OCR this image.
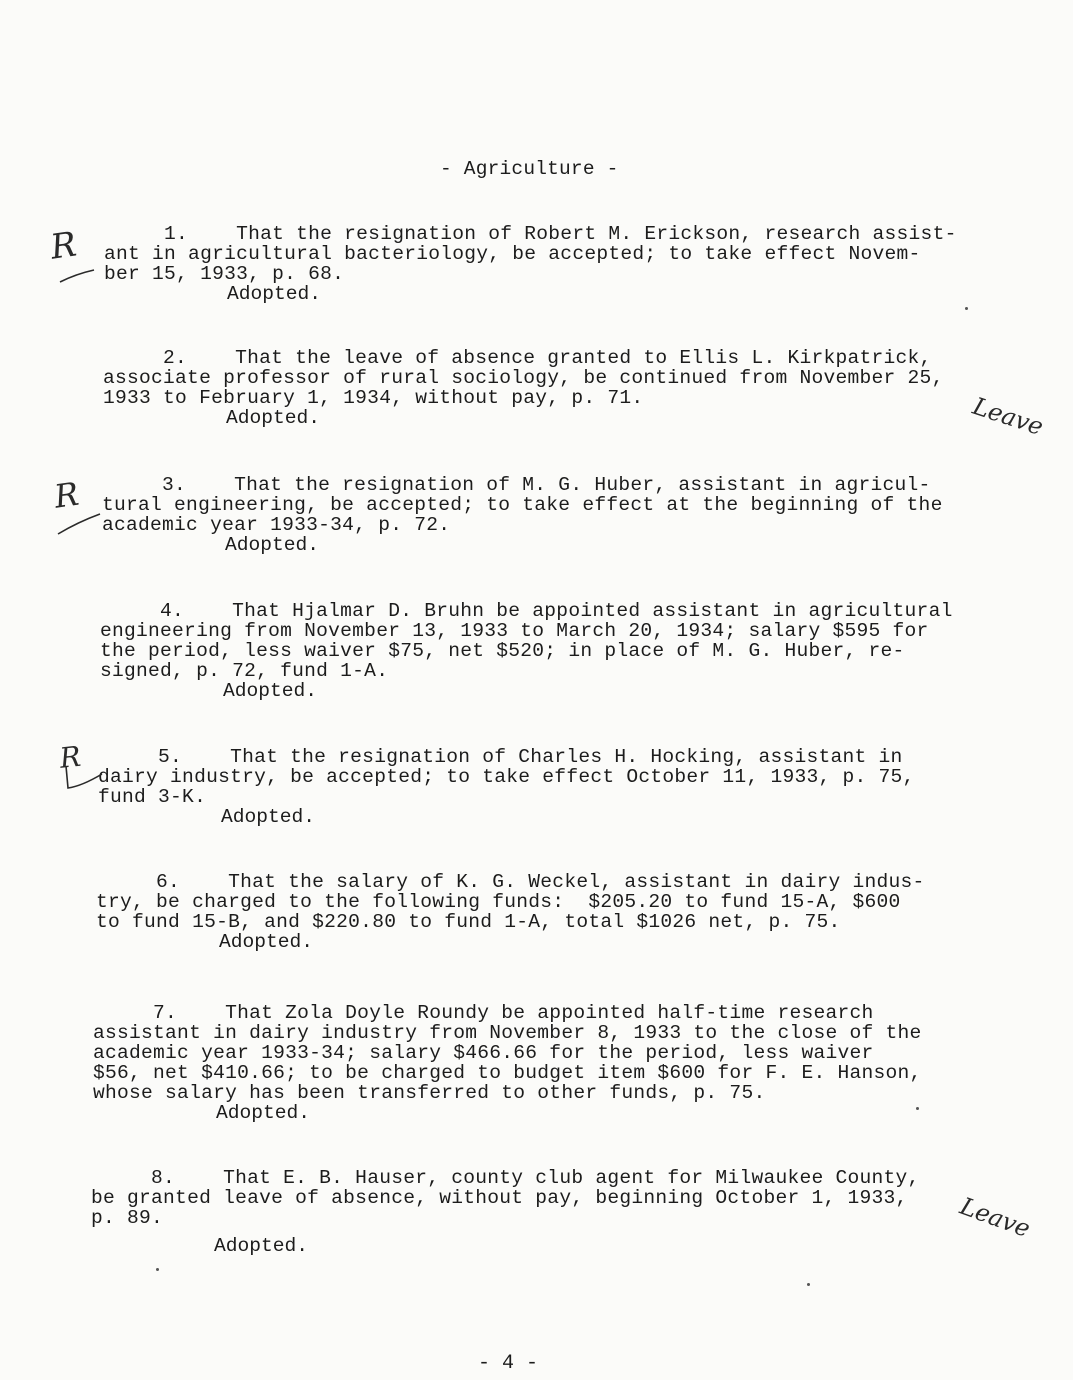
- Agriculture -
1.    That the resignation of Robert M. Erickson, research assist-
ant in agricultural bacteriology, be accepted; to take effect Novem-
ber 15, 1933, p. 68.
Adopted.
2.    That the leave of absence granted to Ellis L. Kirkpatrick,
associate professor of rural sociology, be continued from November 25,
1933 to February 1, 1934, without pay, p. 71.
Adopted.
3.    That the resignation of M. G. Huber, assistant in agricul-
tural engineering, be accepted; to take effect at the beginning of the
academic year 1933-34, p. 72.
Adopted.
4.    That Hjalmar D. Bruhn be appointed assistant in agricultural
engineering from November 13, 1933 to March 20, 1934; salary $595 for
the period, less waiver $75, net $520; in place of M. G. Huber, re-
signed, p. 72, fund 1-A.
Adopted.
5.    That the resignation of Charles H. Hocking, assistant in
dairy industry, be accepted; to take effect October 11, 1933, p. 75,
fund 3-K.
Adopted.
6.    That the salary of K. G. Weckel, assistant in dairy indus-
try, be charged to the following funds:  $205.20 to fund 15-A, $600
to fund 15-B, and $220.80 to fund 1-A, total $1026 net, p. 75.
Adopted.
7.    That Zola Doyle Roundy be appointed half-time research
assistant in dairy industry from November 8, 1933 to the close of the
academic year 1933-34; salary $466.66 for the period, less waiver
$56, net $410.66; to be charged to budget item $600 for F. E. Hanson,
whose salary has been transferred to other funds, p. 75.
Adopted.
8.    That E. B. Hauser, county club agent for Milwaukee County,
be granted leave of absence, without pay, beginning October 1, 1933,
p. 89.
Adopted.
R
Leave
R
R
Leave
- 4 -
